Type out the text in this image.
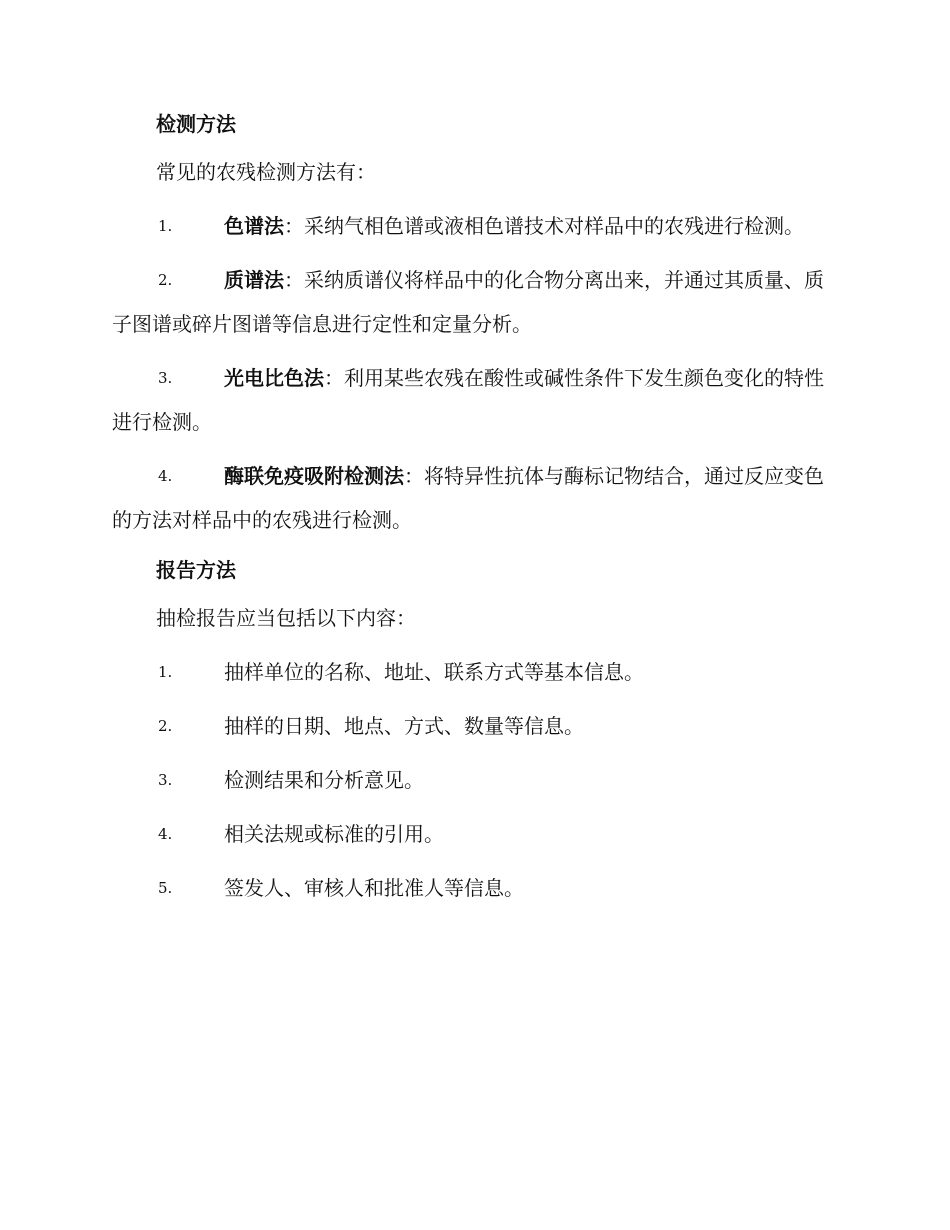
检测方法

常见的农残检测方法有：

1.	色谱法：采纳气相色谱或液相色谱技术对样品中的农残进行检测。

2.	质谱法：采纳质谱仪将样品中的化合物分离出来，并通过其质量、质子图谱或碎片图谱等信息进行定性和定量分析。

3.	光电比色法：利用某些农残在酸性或碱性条件下发生颜色变化的特性进行检测。

4.	酶联免疫吸附检测法：将特异性抗体与酶标记物结合，通过反应变色的方法对样品中的农残进行检测。

报告方法

抽检报告应当包括以下内容：

1.	抽样单位的名称、地址、联系方式等基本信息。

2.	抽样的日期、地点、方式、数量等信息。

3.	检测结果和分析意见。

4.	相关法规或标准的引用。

5.	签发人、审核人和批准人等信息。
